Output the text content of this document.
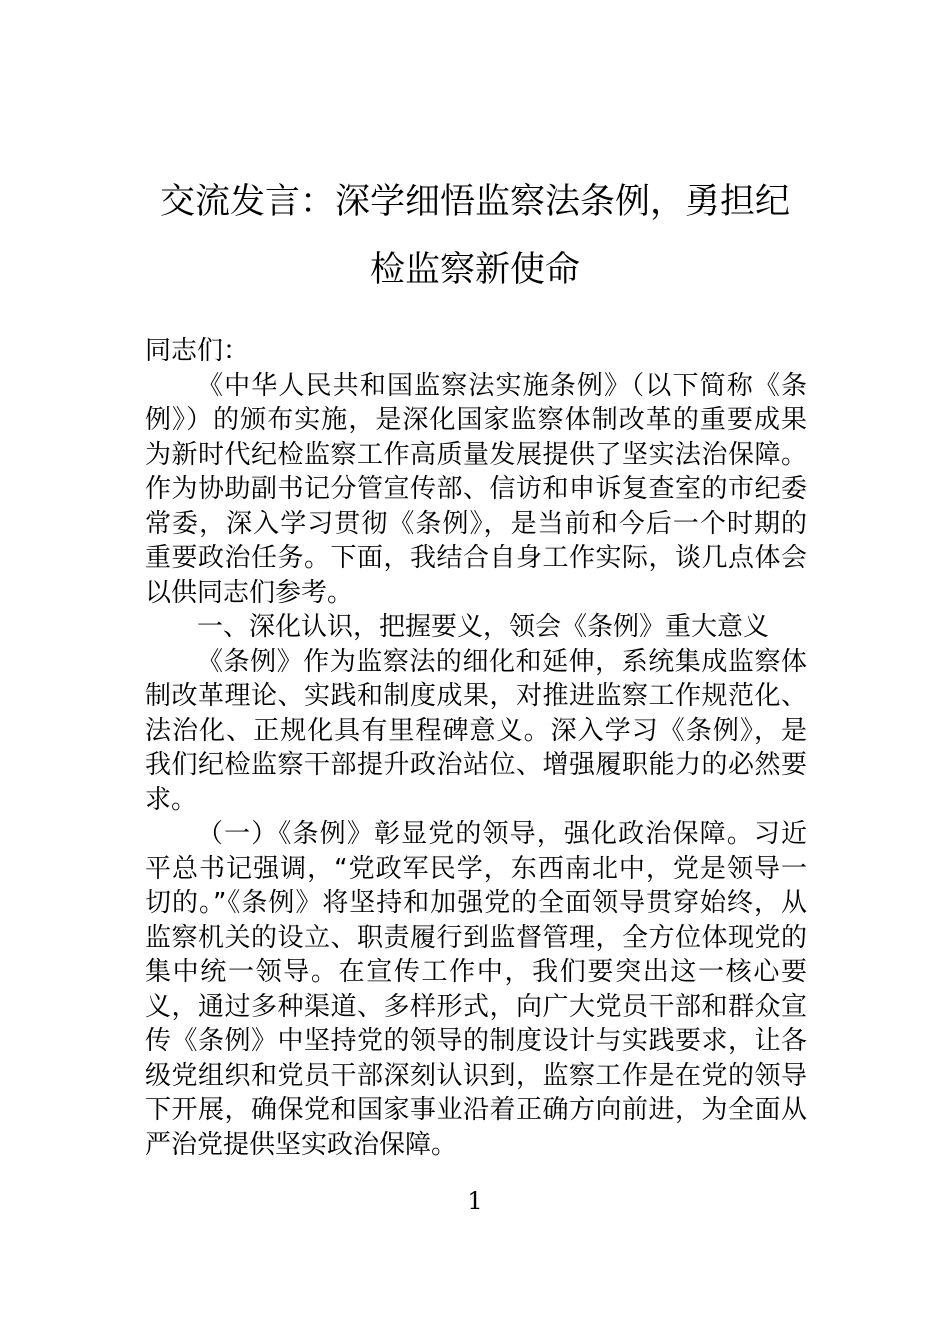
交流发言：深学细悟监察法条例，勇担纪
检监察新使命

同志们：

《中华人民共和国监察法实施条例》（以下简称《条例》）的颁布实施，是深化国家监察体制改革的重要成果为新时代纪检监察工作高质量发展提供了坚实法治保障。作为协助副书记分管宣传部、信访和申诉复查室的市纪委常委，深入学习贯彻《条例》，是当前和今后一个时期的重要政治任务。下面，我结合自身工作实际，谈几点体会以供同志们参考。

一、深化认识，把握要义，领会《条例》重大意义

《条例》作为监察法的细化和延伸，系统集成监察体制改革理论、实践和制度成果，对推进监察工作规范化、法治化、正规化具有里程碑意义。深入学习《条例》，是我们纪检监察干部提升政治站位、增强履职能力的必然要求。

（一）《条例》彰显党的领导，强化政治保障。习近平总书记强调，“党政军民学，东西南北中，党是领导一切的。”《条例》将坚持和加强党的全面领导贯穿始终，从监察机关的设立、职责履行到监督管理，全方位体现党的集中统一领导。在宣传工作中，我们要突出这一核心要义，通过多种渠道、多样形式，向广大党员干部和群众宣传《条例》中坚持党的领导的制度设计与实践要求，让各级党组织和党员干部深刻认识到，监察工作是在党的领导下开展，确保党和国家事业沿着正确方向前进，为全面从严治党提供坚实政治保障。

1
